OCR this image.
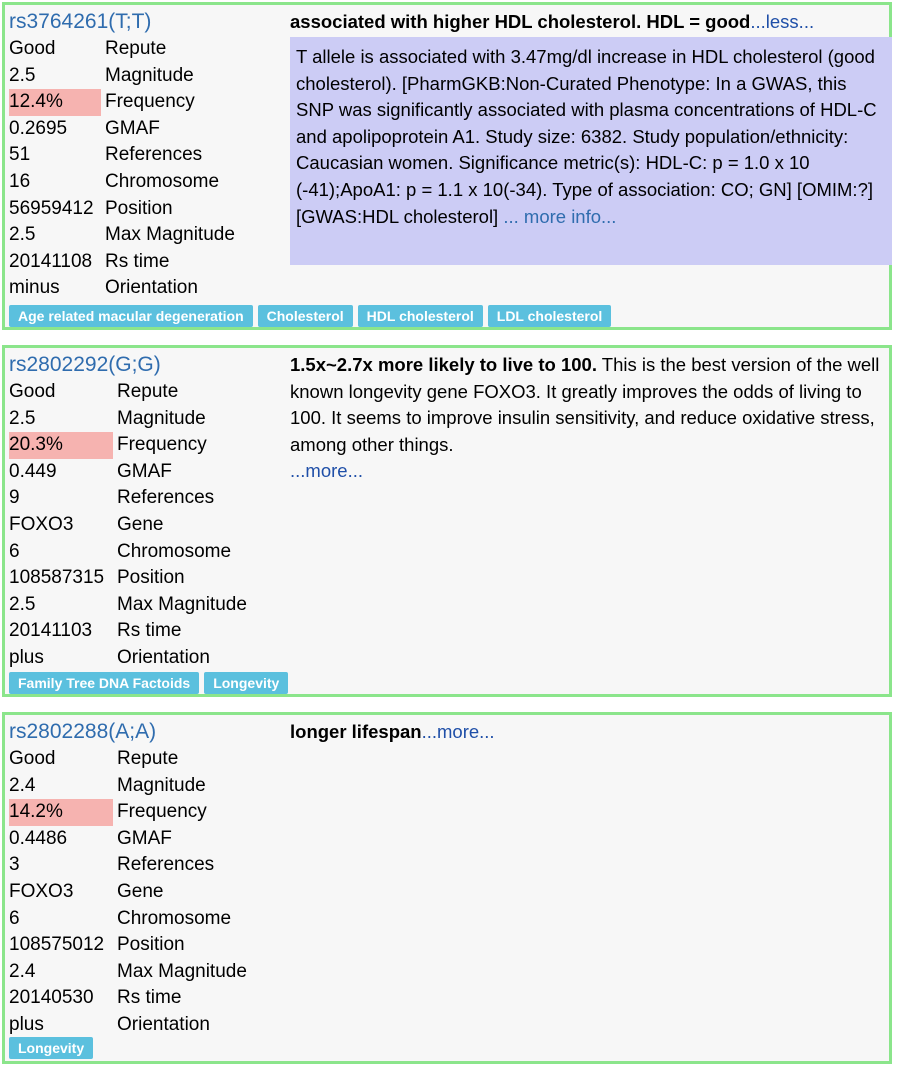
rs3764261(T;T)
Good	Repute
2.5	Magnitude
12.4%	Frequency
0.2695	GMAF
51	References
16	Chromosome
56959412 Position
2.5	Max Magnitude
20141108 Rs time
minus	Orientation
associated with higher HDL cholesterol. HDL = good...less...
T allele is associated with 3.47mg/dl increase in HDL cholesterol (good cholesterol). [PharmGKB:Non-Curated Phenotype: In a GWAS, this SNP was significantly associated with plasma concentrations of HDL-C and apolipoprotein A1. Study size: 6382. Study population/ethnicity: Caucasian women. Significance metric(s): HDL-C: p = 1.0 x 10 (-41);ApoA1: p = 1.1 x 10(-34). Type of association: CO; GN] [OMIM:?] [GWAS:HDL cholesterol] ... more info...
Age related macular degeneration Cholesterol HDL cholesterol LDL cholesterol
rs2802292(G;G)
Good	Repute
2.5	Magnitude
20.3%	Frequency
0.449	GMAF
9	References
FOXO3	Gene
6	Chromosome
108587315 Position
2.5	Max Magnitude
20141103	Rs time
plus	Orientation
1.5x~2.7x more likely to live to 100. This is the best version of the well known longevity gene FOXO3. It greatly improves the odds of living to 100. It seems to improve insulin sensitivity, and reduce oxidative stress, among other things.
...more...
Family Tree DNA Factoids Longevity
rs2802288(A;A)
Good	Repute
2.4	Magnitude
14.2%	Frequency
0.4486	GMAF
3	References
FOXO3	Gene
6	Chromosome
108575012 Position
2.4	Max Magnitude
20140530	Rs time
plus	Orientation
longer lifespan...more...
Longevity
